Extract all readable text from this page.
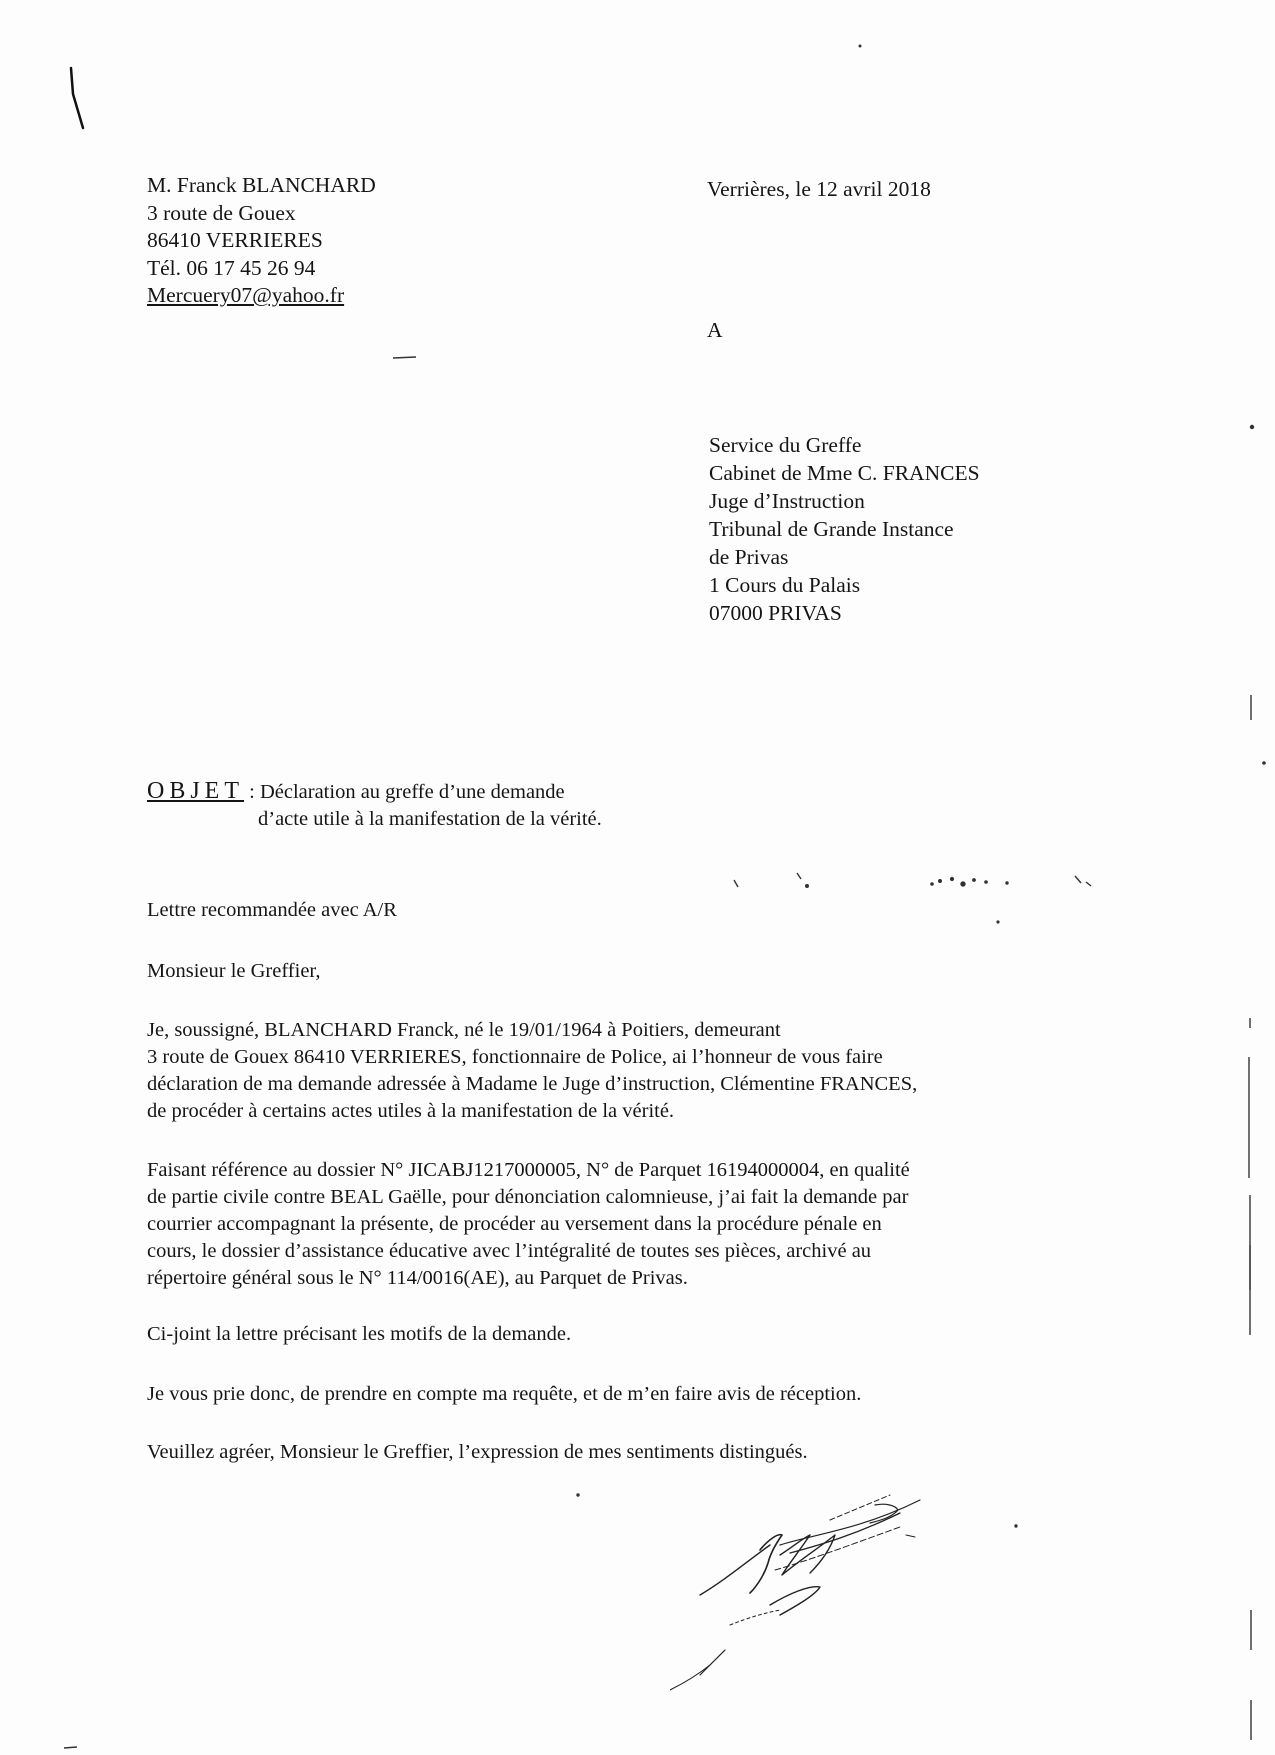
M. Franck BLANCHARD
3 route de Gouex
86410 VERRIERES
Tél. 06 17 45 26 94
Mercuery07@yahoo.fr
Verrières, le 12 avril 2018
A
Service du Greffe
Cabinet de Mme C. FRANCES
Juge d’Instruction
Tribunal de Grande Instance
de Privas
1 Cours du Palais
07000 PRIVAS
OBJET : Déclaration au greffe d’une demande
d’acte utile à la manifestation de la vérité.
Lettre recommandée avec A/R
Monsieur le Greffier,
Je, soussigné, BLANCHARD Franck, né le 19/01/1964 à Poitiers, demeurant
3 route de Gouex 86410 VERRIERES, fonctionnaire de Police, ai l’honneur de vous faire
déclaration de ma demande adressée à Madame le Juge d’instruction, Clémentine FRANCES,
de procéder à certains actes utiles à la manifestation de la vérité.
Faisant référence au dossier N° JICABJ1217000005, N° de Parquet 16194000004, en qualité
de partie civile contre BEAL Gaëlle, pour dénonciation calomnieuse, j’ai fait la demande par
courrier accompagnant la présente, de procéder au versement dans la procédure pénale en
cours, le dossier d’assistance éducative avec l’intégralité de toutes ses pièces, archivé au
répertoire général sous le N° 114/0016(AE), au Parquet de Privas.
Ci-joint la lettre précisant les motifs de la demande.
Je vous prie donc, de prendre en compte ma requête, et de m’en faire avis de réception.
Veuillez agréer, Monsieur le Greffier, l’expression de mes sentiments distingués.
